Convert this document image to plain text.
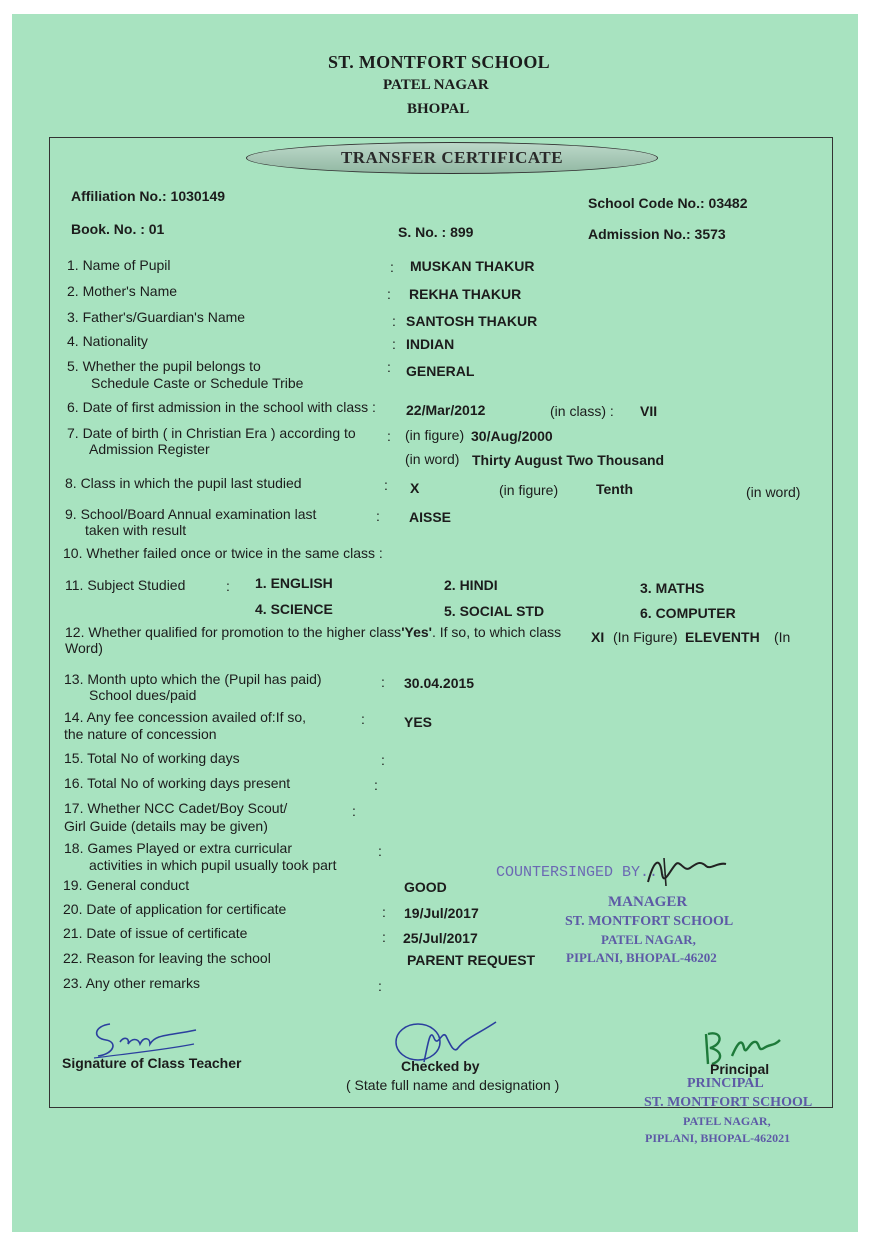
ST. MONTFORT SCHOOL
PATEL NAGAR
BHOPAL
TRANSFER CERTIFICATE
Affiliation No.: 1030149	School Code No.: 03482
Book. No. : 01	S. No. : 899	Admission No.: 3573
1. Name of Pupil	: MUSKAN THAKUR
2. Mother's Name	: REKHA THAKUR
3. Father's/Guardian's Name	: SANTOSH THAKUR
4. Nationality	: INDIAN
5. Whether the pupil belongs to
Schedule Caste or Schedule Tribe
: GENERAL
6. Date of first admission in the school with class : 22/Mar/2012	(in class) : VII
7. Date of birth ( in Christian Era ) according to
Admission Register
: (in figure) 30/Aug/2000
(in word) Thirty August Two Thousand
8. Class in which the pupil last studied	: X	(in figure)	Tenth	(in word)
9. School/Board Annual examination last
taken with result
: AISSE
10. Whether failed once or twice in the same class :
11. Subject Studied	: 1. ENGLISH	2. HINDI	3. MATHS
4. SCIENCE	5. SOCIAL STD	6. COMPUTER
12. Whether qualified for promotion to the higher class'Yes'. If so, to which class XI (In Figure) ELEVENTH (In
Word)
13. Month upto which the (Pupil has paid)
School dues/paid
: 30.04.2015
14. Any fee concession availed of:If so,
the nature of concession
:	YES
15. Total No of working days	:
16. Total No of working days present	:
17. Whether NCC Cadet/Boy Scout/
Girl Guide (details may be given)
:
18. Games Played or extra curricular
activities in which pupil usually took part
:
19. General conduct	GOOD
20. Date of application for certificate	: 19/Jul/2017
21. Date of issue of certificate	: 25/Jul/2017
22. Reason for leaving the school	PARENT REQUEST
23. Any other remarks	:
COUNTERSINGED BY...
MANAGER
ST. MONTFORT SCHOOL
PATEL NAGAR,
PIPLANI, BHOPAL-46202
Signature of Class Teacher	Checked by
( State full name and designation )
Principal
PRINCIPAL
ST. MONTFORT SCHOOL
PATEL NAGAR,
PIPLANI, BHOPAL-462021
